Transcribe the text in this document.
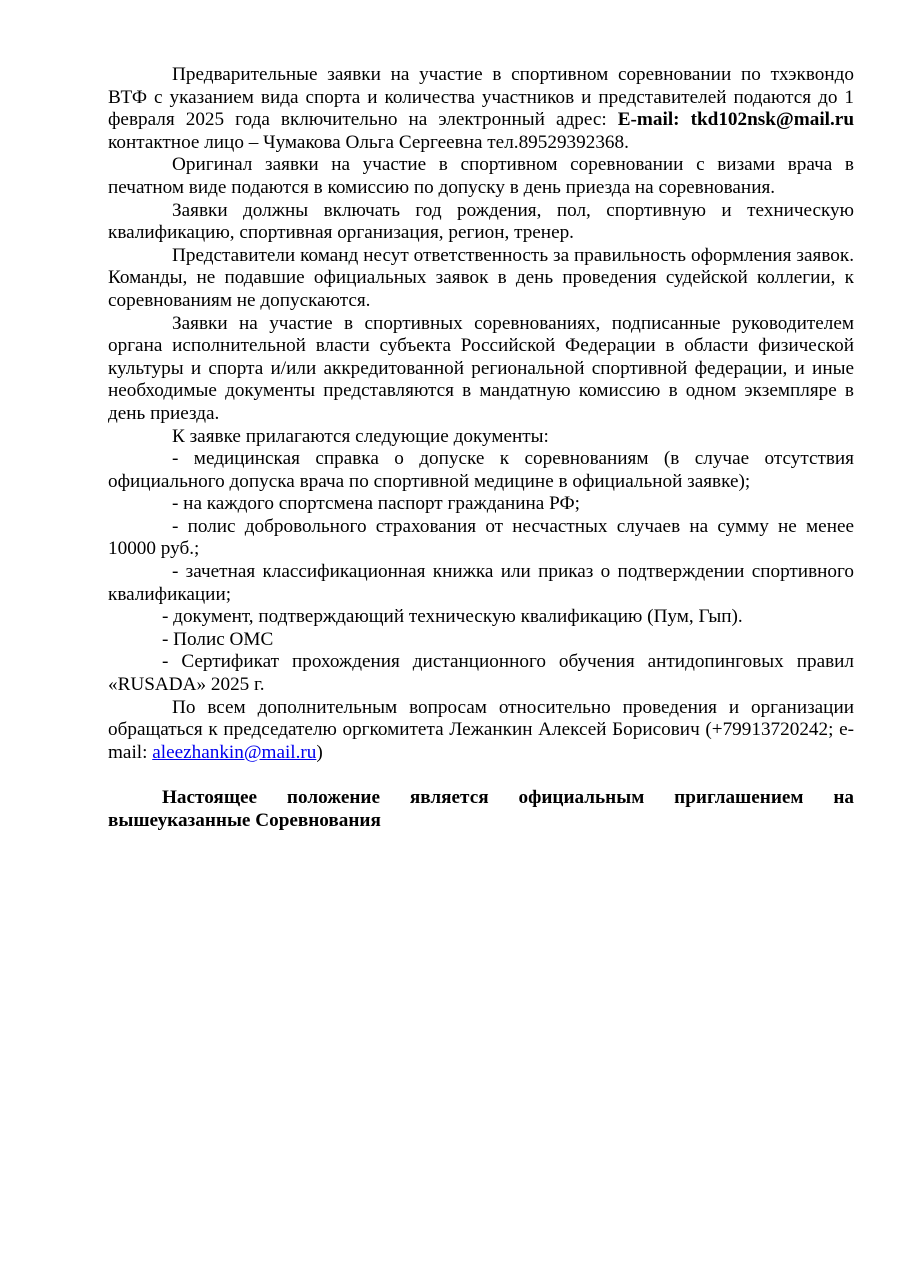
Предварительные заявки на участие в спортивном соревновании по тхэквондо ВТФ с указанием вида спорта и количества участников и представителей подаются до 1 февраля 2025 года включительно на электронный адрес: E-mail: tkd102nsk@mail.ru контактное лицо – Чумакова Ольга Сергеевна тел.89529392368.

Оригинал заявки на участие в спортивном соревновании с визами врача в печатном виде подаются в комиссию по допуску в день приезда на соревнования.

Заявки должны включать год рождения, пол, спортивную и техническую квалификацию, спортивная организация, регион, тренер.

Представители команд несут ответственность за правильность оформления заявок. Команды, не подавшие официальных заявок в день проведения судейской коллегии, к соревнованиям не допускаются.

Заявки на участие в спортивных соревнованиях, подписанные руководителем органа исполнительной власти субъекта Российской Федерации в области физической культуры и спорта и/или аккредитованной региональной спортивной федерации, и иные необходимые документы представляются в мандатную комиссию в одном экземпляре в день приезда.

К заявке прилагаются следующие документы:

- медицинская справка о допуске к соревнованиям (в случае отсутствия официального допуска врача по спортивной медицине в официальной заявке);

- на каждого спортсмена паспорт гражданина РФ;

- полис добровольного страхования от несчастных случаев на сумму не менее 10000 руб.;

- зачетная классификационная книжка или приказ о подтверждении спортивного квалификации;

- документ, подтверждающий техническую квалификацию (Пум, Гып).

- Полис ОМС

- Сертификат прохождения дистанционного обучения антидопинговых правил «RUSADA» 2025 г.

По всем дополнительным вопросам относительно проведения и организации обращаться к председателю оргкомитета Лежанкин Алексей Борисович (+79913720242; e-mail: aleezhankin@mail.ru)

Настоящее положение является официальным приглашением на вышеуказанные Соревнования
